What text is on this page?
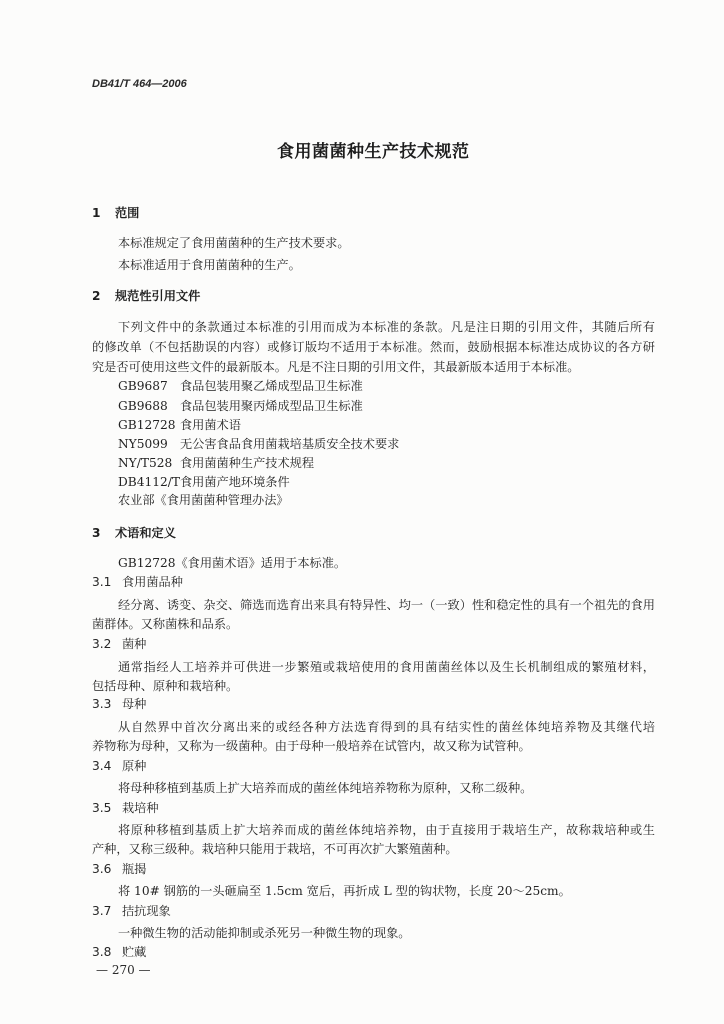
DB41/T 464—2006
食用菌菌种生产技术规范
1 范围
本标准规定了食用菌菌种的生产技术要求。
本标准适用于食用菌菌种的生产。
2 规范性引用文件
下列文件中的条款通过本标准的引用而成为本标准的条款。凡是注日期的引用文件，其随后所有
的修改单（不包括勘误的内容）或修订版均不适用于本标准。然而，鼓励根据本标准达成协议的各方研
究是否可使用这些文件的最新版本。凡是不注日期的引用文件，其最新版本适用于本标准。
GB9687 食品包装用聚乙烯成型品卫生标准
GB9688 食品包装用聚丙烯成型品卫生标准
GB12728 食用菌术语
NY5099 无公害食品食用菌栽培基质安全技术要求
NY/T528 食用菌菌种生产技术规程
DB4112/T 食用菌产地环境条件
农业部《食用菌菌种管理办法》
3 术语和定义
GB12728《食用菌术语》适用于本标准。
3.1 食用菌品种
经分离、诱变、杂交、筛选而选育出来具有特异性、均一（一致）性和稳定性的具有一个祖先的食用
菌群体。又称菌株和品系。
3.2 菌种
通常指经人工培养并可供进一步繁殖或栽培使用的食用菌菌丝体以及生长机制组成的繁殖材料，
包括母种、原种和栽培种。
3.3 母种
从自然界中首次分离出来的或经各种方法选育得到的具有结实性的菌丝体纯培养物及其继代培
养物称为母种，又称为一级菌种。由于母种一般培养在试管内，故又称为试管种。
3.4 原种
将母种移植到基质上扩大培养而成的菌丝体纯培养物称为原种，又称二级种。
3.5 栽培种
将原种移植到基质上扩大培养而成的菌丝体纯培养物，由于直接用于栽培生产，故称栽培种或生
产种，又称三级种。栽培种只能用于栽培，不可再次扩大繁殖菌种。
3.6 瓶揭
将 10# 钢筋的一头砸扁至 1.5cm 宽后，再折成 L 型的钩状物，长度 20～25cm。
3.7 拮抗现象
一种微生物的活动能抑制或杀死另一种微生物的现象。
3.8 贮藏
— 270 —
